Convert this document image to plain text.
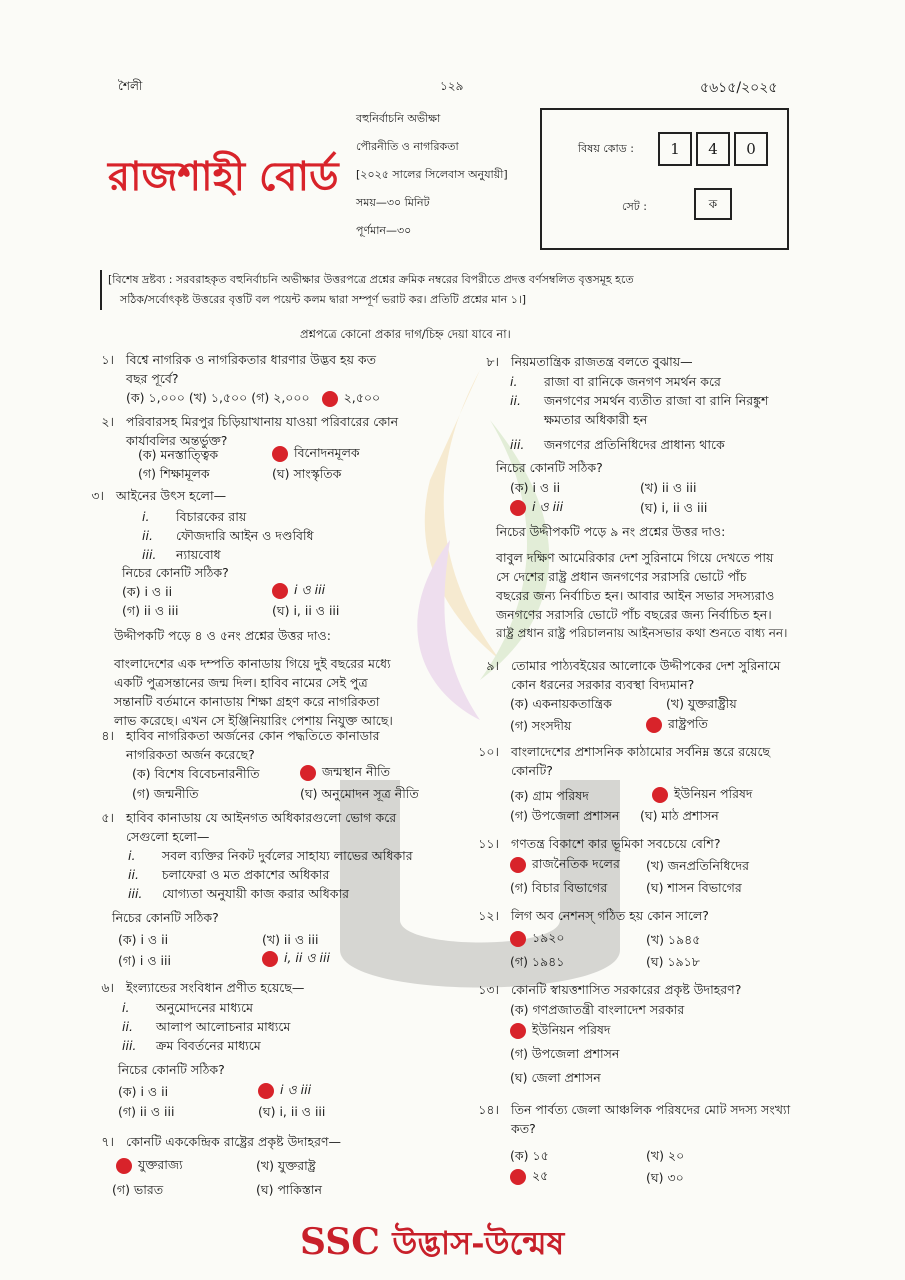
শৈলী	১২৯	৫৬১৫/২০২৫
রাজশাহী বোর্ড
বহুনির্বাচনি অভীক্ষা
পৌরনীতি ও নাগরিকতা
[২০২৫ সালের সিলেবাস অনুযায়ী]
সময়—৩০ মিনিট
পূর্ণমান—৩০
বিষয় কোড :	1 4 0
সেট :	ক
[বিশেষ দ্রষ্টব্য : সরবরাহকৃত বহুনির্বাচনি অভীক্ষার উত্তরপত্রে প্রশ্নের ক্রমিক নম্বরের বিপরীতে প্রদত্ত বর্ণসম্বলিত বৃত্তসমূহ হতে
সঠিক/সর্বোৎকৃষ্ট উত্তরের বৃত্তটি বল পয়েন্ট কলম দ্বারা সম্পূর্ণ ভরাট কর। প্রতিটি প্রশ্নের মান ১।]
প্রশ্নপত্রে কোনো প্রকার দাগ/চিহ্ন দেয়া যাবে না।
১। বিশ্বে নাগরিক ও নাগরিকতার ধারণার উদ্ভব হয় কত
বছর পূর্বে?
(ক) ১,০০০ (খ) ১,৫০০ (গ) ২,০০০	২,৫০০
২। পরিবারসহ মিরপুর চিড়িয়াখানায় যাওয়া পরিবারের কোন
কার্যাবলির অন্তর্ভুক্ত?
(ক) মনস্তাত্ত্বিক	বিনোদনমূলক
(গ) শিক্ষামূলক	(ঘ) সাংস্কৃতিক
৩। আইনের উৎস হলো—
i. বিচারকের রায়
ii. ফৌজদারি আইন ও দণ্ডবিধি
iii. ন্যায়বোধ
নিচের কোনটি সঠিক?
(ক) i ও ii	i ও iii
(গ) ii ও iii	(ঘ) i, ii ও iii
উদ্দীপকটি পড়ে ৪ ও ৫নং প্রশ্নের উত্তর দাও:
বাংলাদেশের এক দম্পতি কানাডায় গিয়ে দুই বছরের মধ্যে
একটি পুত্রসন্তানের জন্ম দিল। হাবিব নামের সেই পুত্র
সন্তানটি বর্তমানে কানাডায় শিক্ষা গ্রহণ করে নাগরিকতা
লাভ করেছে। এখন সে ইঞ্জিনিয়ারিং পেশায় নিযুক্ত আছে।
৪। হাবিব নাগরিকতা অর্জনের কোন পদ্ধতিতে কানাডার
নাগরিকতা অর্জন করেছে?
(ক) বিশেষ বিবেচনারনীতি	জন্মস্থান নীতি
(গ) জন্মনীতি	(ঘ) অনুমোদন সূত্র নীতি
৫। হাবিব কানাডায় যে আইনগত অধিকারগুলো ভোগ করে
সেগুলো হলো—
i. সবল ব্যক্তির নিকট দুর্বলের সাহায্য লাভের অধিকার
ii. চলাফেরা ও মত প্রকাশের অধিকার
iii. যোগ্যতা অনুযায়ী কাজ করার অধিকার
নিচের কোনটি সঠিক?
(ক) i ও ii	(খ) ii ও iii
(গ) i ও iii	i, ii ও iii
৬। ইংল্যান্ডের সংবিধান প্রণীত হয়েছে—
i. অনুমোদনের মাধ্যমে
ii. আলাপ আলোচনার মাধ্যমে
iii. ক্রম বিবর্তনের মাধ্যমে
নিচের কোনটি সঠিক?
(ক) i ও ii	i ও iii
(গ) ii ও iii	(ঘ) i, ii ও iii
৭। কোনটি এককেন্দ্রিক রাষ্ট্রের প্রকৃষ্ট উদাহরণ—
যুক্তরাজ্য	(খ) যুক্তরাষ্ট্র
(গ) ভারত	(ঘ) পাকিস্তান
৮। নিয়মতান্ত্রিক রাজতন্ত্র বলতে বুঝায়—
i. রাজা বা রানিকে জনগণ সমর্থন করে
ii. জনগণের সমর্থন ব্যতীত রাজা বা রানি নিরঙ্কুশ
ক্ষমতার অধিকারী হন
iii. জনগণের প্রতিনিধিদের প্রাধান্য থাকে
নিচের কোনটি সঠিক?
(ক) i ও ii	(খ) ii ও iii
i ও iii	(ঘ) i, ii ও iii
নিচের উদ্দীপকটি পড়ে ৯ নং প্রশ্নের উত্তর দাও:
বাবুল দক্ষিণ আমেরিকার দেশ সুরিনামে গিয়ে দেখতে পায়
সে দেশের রাষ্ট্র প্রধান জনগণের সরাসরি ভোটে পাঁচ
বছরের জন্য নির্বাচিত হন। আবার আইন সভার সদস্যরাও
জনগণের সরাসরি ভোটে পাঁচ বছরের জন্য নির্বাচিত হন।
রাষ্ট্র প্রধান রাষ্ট্র পরিচালনায় আইনসভার কথা শুনতে বাধ্য নন।
৯। তোমার পাঠ্যবইয়ের আলোকে উদ্দীপকের দেশ সুরিনামে
কোন ধরনের সরকার ব্যবস্থা বিদ্যমান?
(ক) একনায়কতান্ত্রিক	(খ) যুক্তরাষ্ট্রীয়
(গ) সংসদীয়	রাষ্ট্রপতি
১০। বাংলাদেশের প্রশাসনিক কাঠামোর সর্বনিম্ন স্তরে রয়েছে
কোনটি?
(ক) গ্রাম পরিষদ	ইউনিয়ন পরিষদ
(গ) উপজেলা প্রশাসন (ঘ) মাঠ প্রশাসন
১১। গণতন্ত্র বিকাশে কার ভূমিকা সবচেয়ে বেশি?
রাজনৈতিক দলের (খ) জনপ্রতিনিধিদের
(গ) বিচার বিভাগের	(ঘ) শাসন বিভাগের
১২। লিগ অব নেশনস্ গঠিত হয় কোন সালে?
১৯২০	(খ) ১৯৪৫
(গ) ১৯৪১	(ঘ) ১৯১৮
১৩। কোনটি স্বায়ত্তশাসিত সরকারের প্রকৃষ্ট উদাহরণ?
(ক) গণপ্রজাতন্ত্রী বাংলাদেশ সরকার
ইউনিয়ন পরিষদ
(গ) উপজেলা প্রশাসন
(ঘ) জেলা প্রশাসন
১৪। তিন পার্বত্য জেলা আঞ্চলিক পরিষদের মোট সদস্য সংখ্যা
কত?
(ক) ১৫	(খ) ২০
২৫	(ঘ) ৩০
SSC উদ্ভাস-উন্মেষ
